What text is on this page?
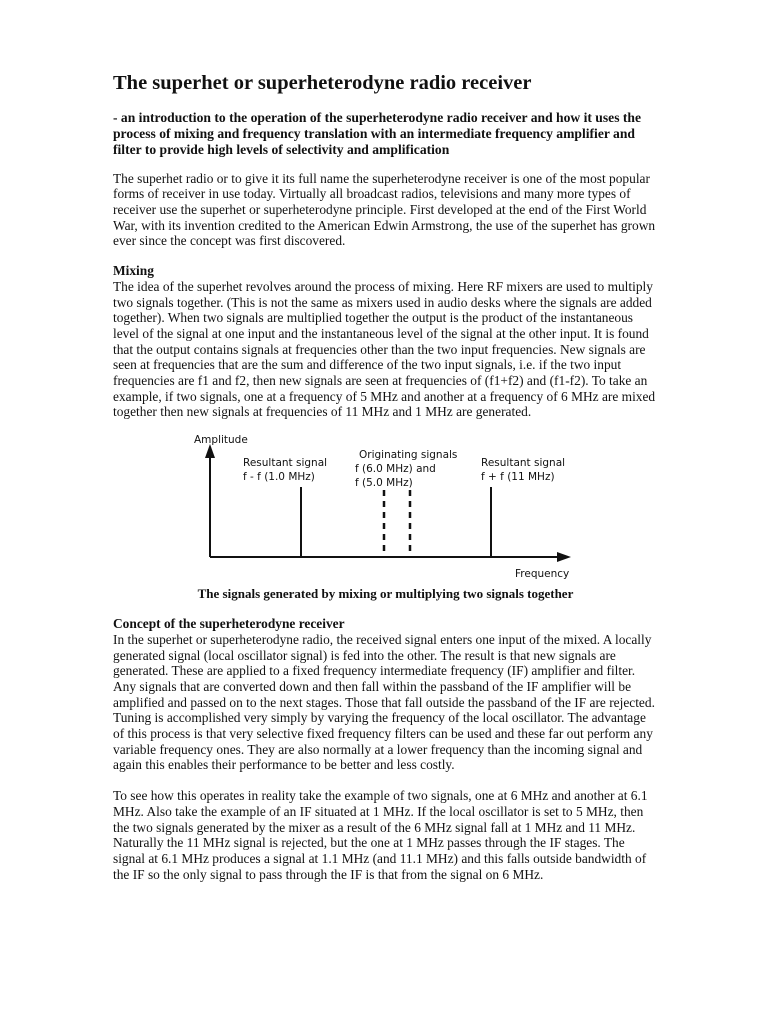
The superhet or superheterodyne radio receiver
- an introduction to the operation of the superheterodyne radio receiver and how it uses the process of mixing and frequency translation with an intermediate frequency amplifier and filter to provide high levels of selectivity and amplification

The superhet radio or to give it its full name the superheterodyne receiver is one of the most popular forms of receiver in use today. Virtually all broadcast radios, televisions and many more types of receiver use the superhet or superheterodyne principle. First developed at the end of the First World War, with its invention credited to the American Edwin Armstrong, the use of the superhet has grown ever since the concept was first discovered.

Mixing

The idea of the superhet revolves around the process of mixing. Here RF mixers are used to multiply two signals together. (This is not the same as mixers used in audio desks where the signals are added together). When two signals are multiplied together the output is the product of the instantaneous level of the signal at one input and the instantaneous level of the signal at the other input. It is found that the output contains signals at frequencies other than the two input frequencies. New signals are seen at frequencies that are the sum and difference of the two input signals, i.e. if the two input frequencies are f1 and f2, then new signals are seen at frequencies of (f1+f2) and (f1-f2). To take an example, if two signals, one at a frequency of 5 MHz and another at a frequency of 6 MHz are mixed together then new signals at frequencies of 11 MHz and 1 MHz are generated.

Amplitude
Frequency
Resultant signal
f - f (1.0 MHz)
Originating signals
f (6.0 MHz) and
f (5.0 MHz)
Resultant signal
f + f (11 MHz)
The signals generated by mixing or multiplying two signals together
Concept of the superheterodyne receiver

In the superhet or superheterodyne radio, the received signal enters one input of the mixed. A locally generated signal (local oscillator signal) is fed into the other. The result is that new signals are generated. These are applied to a fixed frequency intermediate frequency (IF) amplifier and filter. Any signals that are converted down and then fall within the passband of the IF amplifier will be amplified and passed on to the next stages. Those that fall outside the passband of the IF are rejected. Tuning is accomplished very simply by varying the frequency of the local oscillator. The advantage of this process is that very selective fixed frequency filters can be used and these far out perform any variable frequency ones. They are also normally at a lower frequency than the incoming signal and again this enables their performance to be better and less costly.

To see how this operates in reality take the example of two signals, one at 6 MHz and another at 6.1 MHz. Also take the example of an IF situated at 1 MHz. If the local oscillator is set to 5 MHz, then the two signals generated by the mixer as a result of the 6 MHz signal fall at 1 MHz and 11 MHz. Naturally the 11 MHz signal is rejected, but the one at 1 MHz passes through the IF stages. The signal at 6.1 MHz produces a signal at 1.1 MHz (and 11.1 MHz) and this falls outside bandwidth of the IF so the only signal to pass through the IF is that from the signal on 6 MHz.
